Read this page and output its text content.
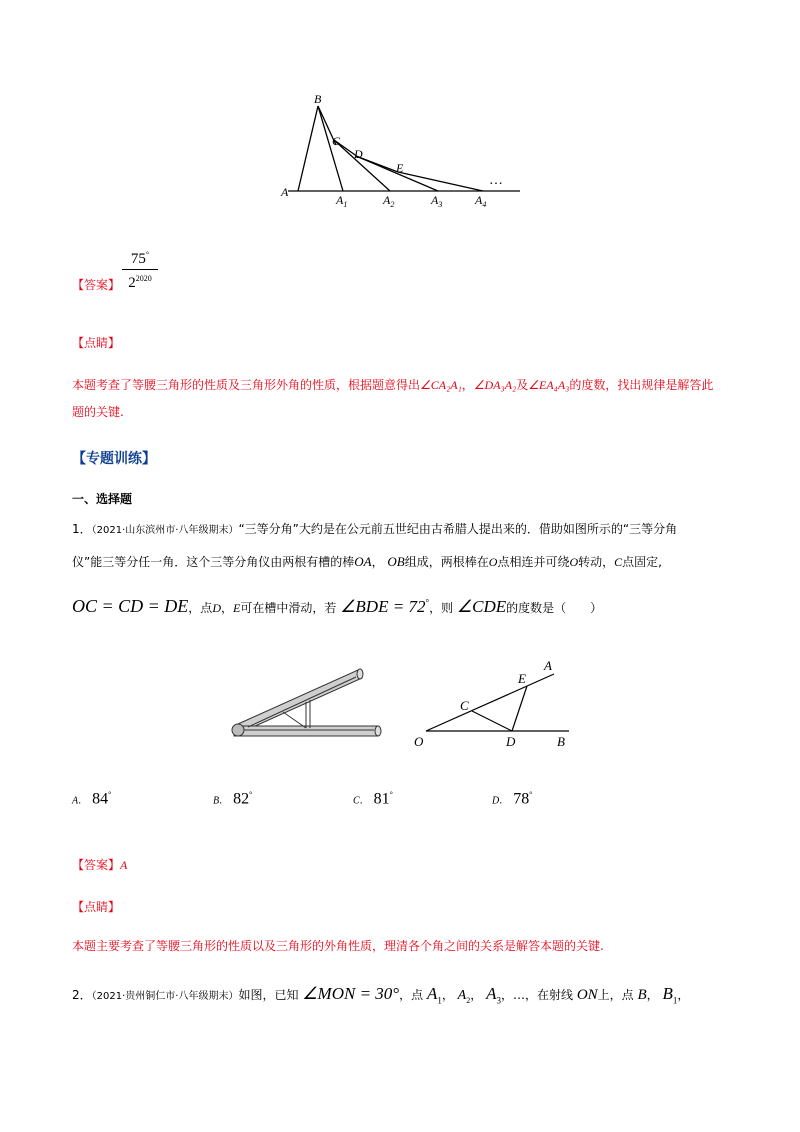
B
C
D
E
A
$A_1$	$A_2$	$A_3$	$A_4$
…
【答案】
75°
$2^{2020}$
【点睛】
本题考查了等腰三角形的性质及三角形外角的性质，根据题意得出∠CA₂A₁，∠DA₃A₂及∠EA₄A₃的度数，找出规律是解答此
题的关键.
【专题训练】
一、选择题
1．（2021·山东滨州市·八年级期末）“三等分角”大约是在公元前五世纪由古希腊人提出来的．借助如图所示的“三等分角
仪”能三等分任一角．这个三等分角仪由两根有槽的棒OA， OB组成，两根棒在O点相连并可绕O转动，C点固定,
OC = CD = DE，点D，E可在槽中滑动，若 ∠BDE = 72°，则 ∠CDE的度数是（　　）
A
E
C
O	D	B
A． 84°
B． 82°
C． 81°
D． 78°
【答案】A
【点睛】
本题主要考查了等腰三角形的性质以及三角形的外角性质，理清各个角之间的关系是解答本题的关键.
2．（2021·贵州铜仁市·八年级期末）如图，已知 ∠MON = 30°，点 $A_1$， $A_2$， $A_3$，…，在射线 ON上，点 B， $B_1$，
